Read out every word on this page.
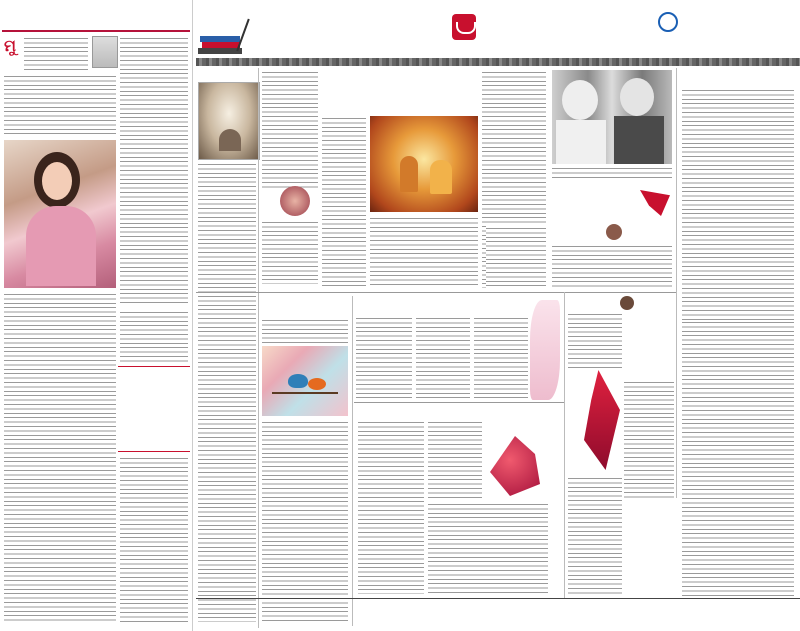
ମୁ
